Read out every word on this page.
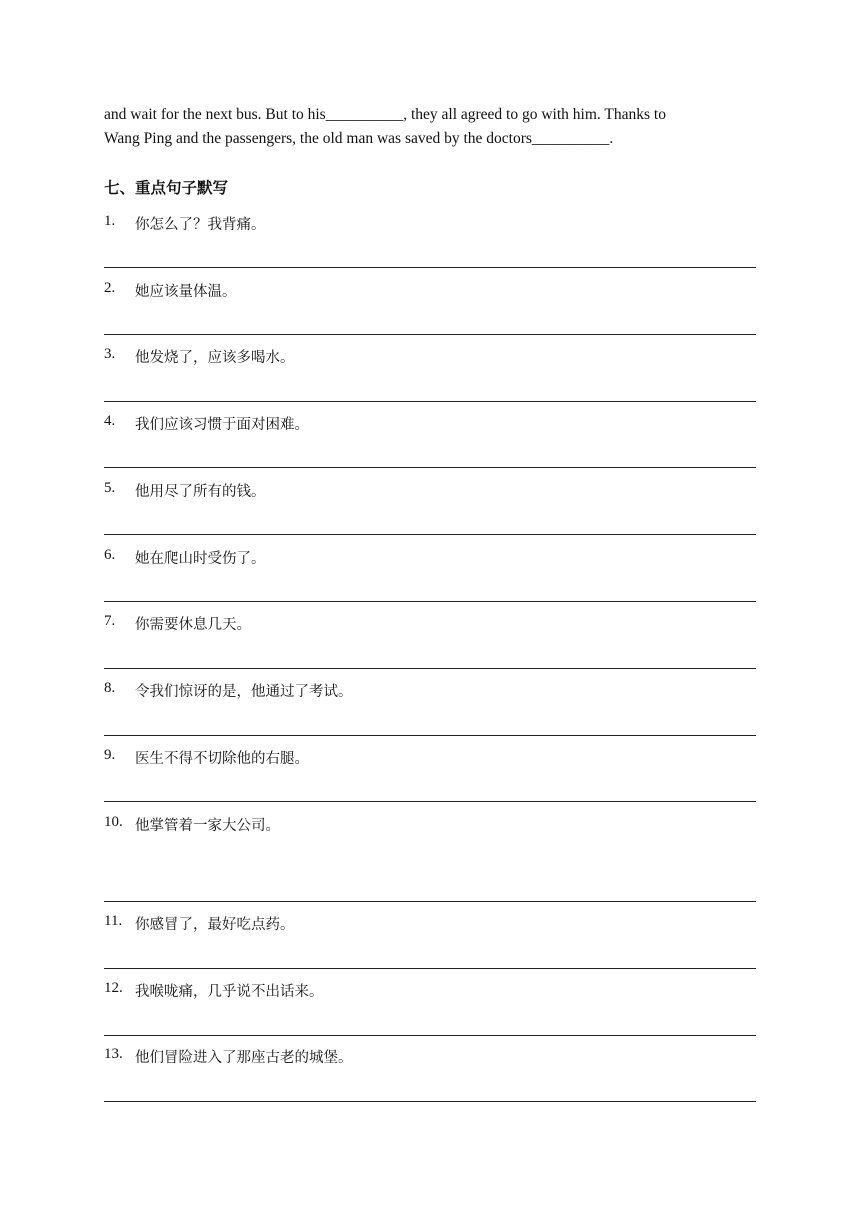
and wait for the next bus. But to his__________, they all agreed to go with him. Thanks to
Wang Ping and the passengers, the old man was saved by the doctors__________.
七、重点句子默写
1. 你怎么了？我背痛。
2. 她应该量体温。
3. 他发烧了，应该多喝水。
4. 我们应该习惯于面对困难。
5. 他用尽了所有的钱。
6. 她在爬山时受伤了。
7. 你需要休息几天。
8. 令我们惊讶的是，他通过了考试。
9. 医生不得不切除他的右腿。
10. 他掌管着一家大公司。
11. 你感冒了，最好吃点药。
12. 我喉咙痛，几乎说不出话来。
13. 他们冒险进入了那座古老的城堡。
